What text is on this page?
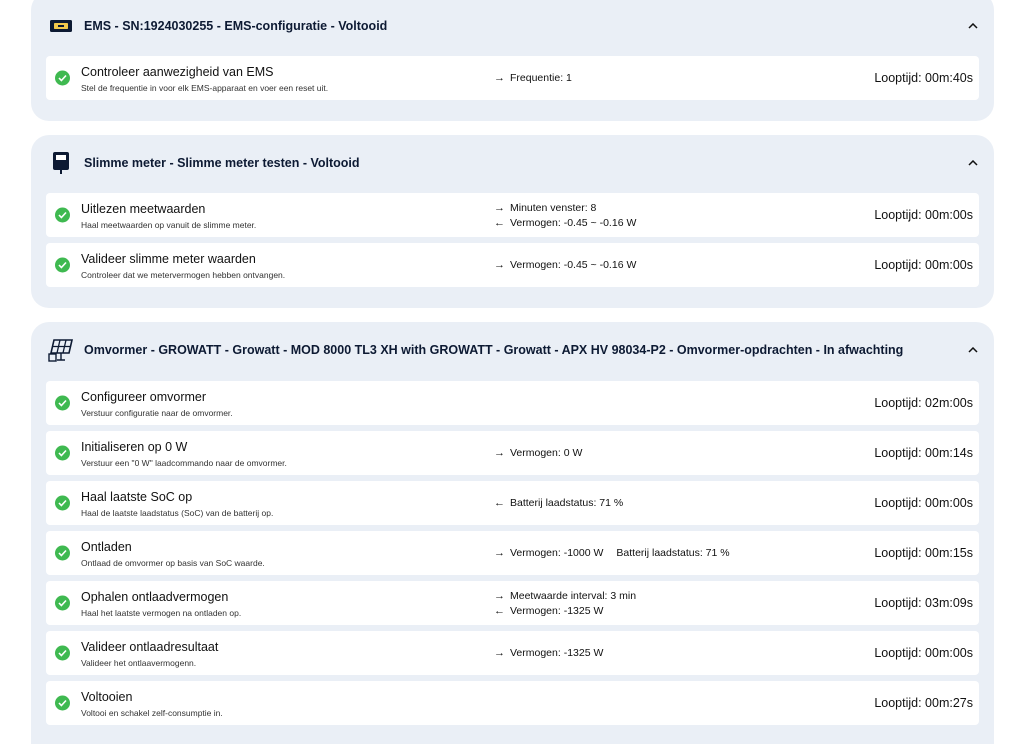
EMS - SN:1924030255 - EMS-configuratie - Voltooid
Controleer aanwezigheid van EMS
Stel de frequentie in voor elk EMS-apparaat en voer een reset uit.
→ Frequentie: 1	Looptijd: 00m:40s
Slimme meter - Slimme meter testen - Voltooid
Uitlezen meetwaarden
Haal meetwaarden op vanuit de slimme meter.
→ Minuten venster: 8
← Vermogen: -0.45 ~ -0.16 W
Looptijd: 00m:00s
Valideer slimme meter waarden
Controleer dat we metervermogen hebben ontvangen.
→ Vermogen: -0.45 ~ -0.16 W	Looptijd: 00m:00s
Omvormer - GROWATT - Growatt - MOD 8000 TL3 XH with GROWATT - Growatt - APX HV 98034-P2 - Omvormer-opdrachten - In afwachting
Configureer omvormer
Verstuur configuratie naar de omvormer.
Looptijd: 02m:00s
Initialiseren op 0 W
Verstuur een "0 W" laadcommando naar de omvormer.
→ Vermogen: 0 W	Looptijd: 00m:14s
Haal laatste SoC op
Haal de laatste laadstatus (SoC) van de batterij op.
← Batterij laadstatus: 71 %	Looptijd: 00m:00s
Ontladen
Ontlaad de omvormer op basis van SoC waarde.
→ Vermogen: -1000 W Batterij laadstatus: 71 %	Looptijd: 00m:15s
Ophalen ontlaadvermogen
Haal het laatste vermogen na ontladen op.
→ Meetwaarde interval: 3 min
← Vermogen: -1325 W
Looptijd: 03m:09s
Valideer ontlaadresultaat
Valideer het ontlaavermogenn.
→ Vermogen: -1325 W	Looptijd: 00m:00s
Voltooien
Voltooi en schakel zelf-consumptie in.
Looptijd: 00m:27s
